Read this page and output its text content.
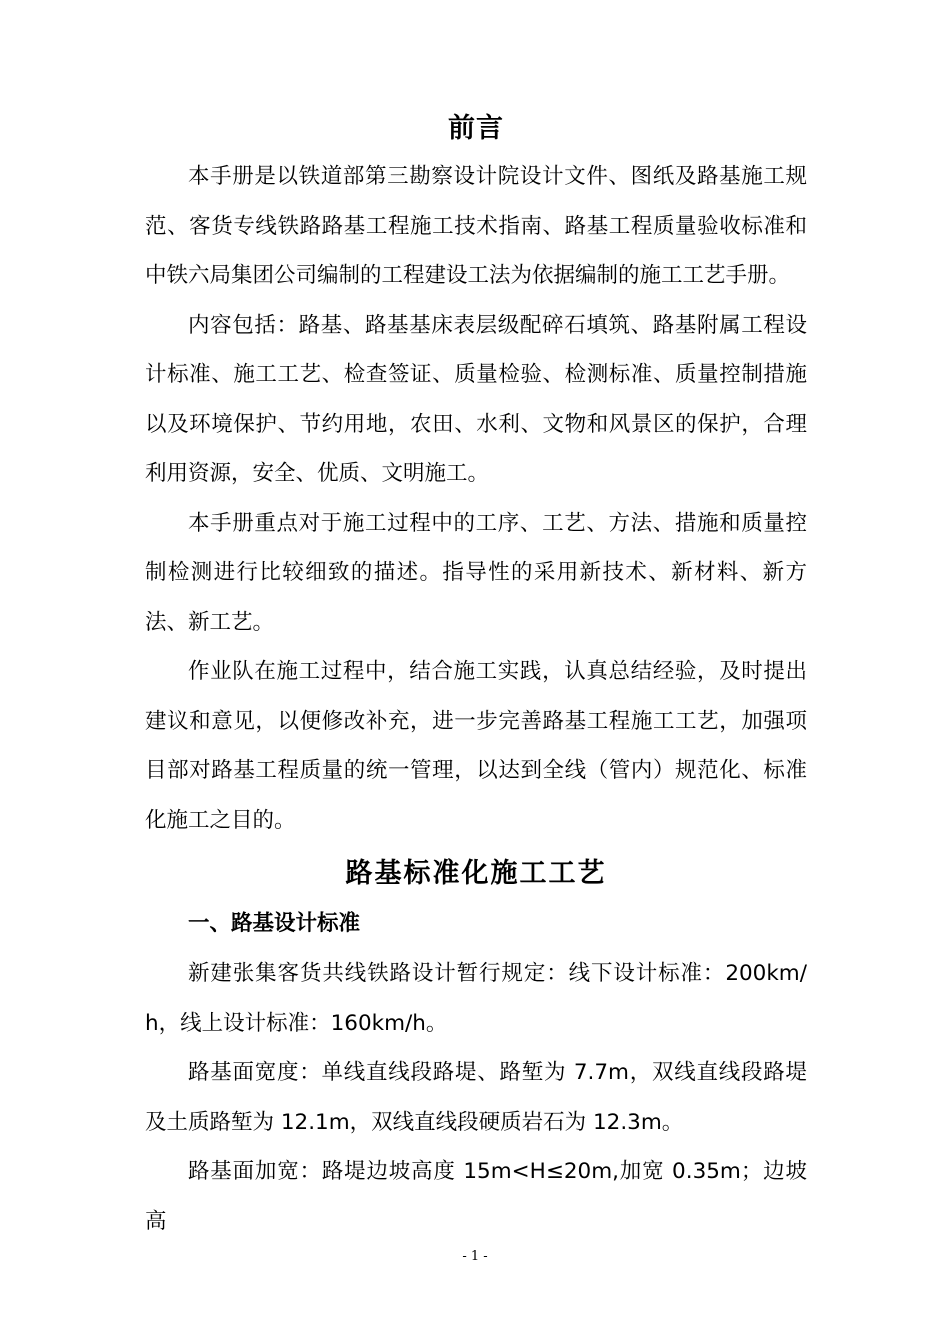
前言

本手册是以铁道部第三勘察设计院设计文件、图纸及路基施工规范、客货专线铁路路基工程施工技术指南、路基工程质量验收标准和中铁六局集团公司编制的工程建设工法为依据编制的施工工艺手册。

内容包括：路基、路基基床表层级配碎石填筑、路基附属工程设计标准、施工工艺、检查签证、质量检验、检测标准、质量控制措施以及环境保护、节约用地，农田、水利、文物和风景区的保护，合理利用资源，安全、优质、文明施工。

本手册重点对于施工过程中的工序、工艺、方法、措施和质量控制检测进行比较细致的描述。指导性的采用新技术、新材料、新方法、新工艺。

作业队在施工过程中，结合施工实践，认真总结经验，及时提出建议和意见，以便修改补充，进一步完善路基工程施工工艺，加强项目部对路基工程质量的统一管理，以达到全线（管内）规范化、标准化施工之目的。

路基标准化施工工艺
一、路基设计标准

新建张集客货共线铁路设计暂行规定：线下设计标准：200km/h，线上设计标准：160km/h。

路基面宽度：单线直线段路堤、路堑为 7.7m，双线直线段路堤及土质路堑为 12.1m，双线直线段硬质岩石为 12.3m。

路基面加宽：路堤边坡高度 15m<H≤20m,加宽 0.35m；边坡高

- 1 -
